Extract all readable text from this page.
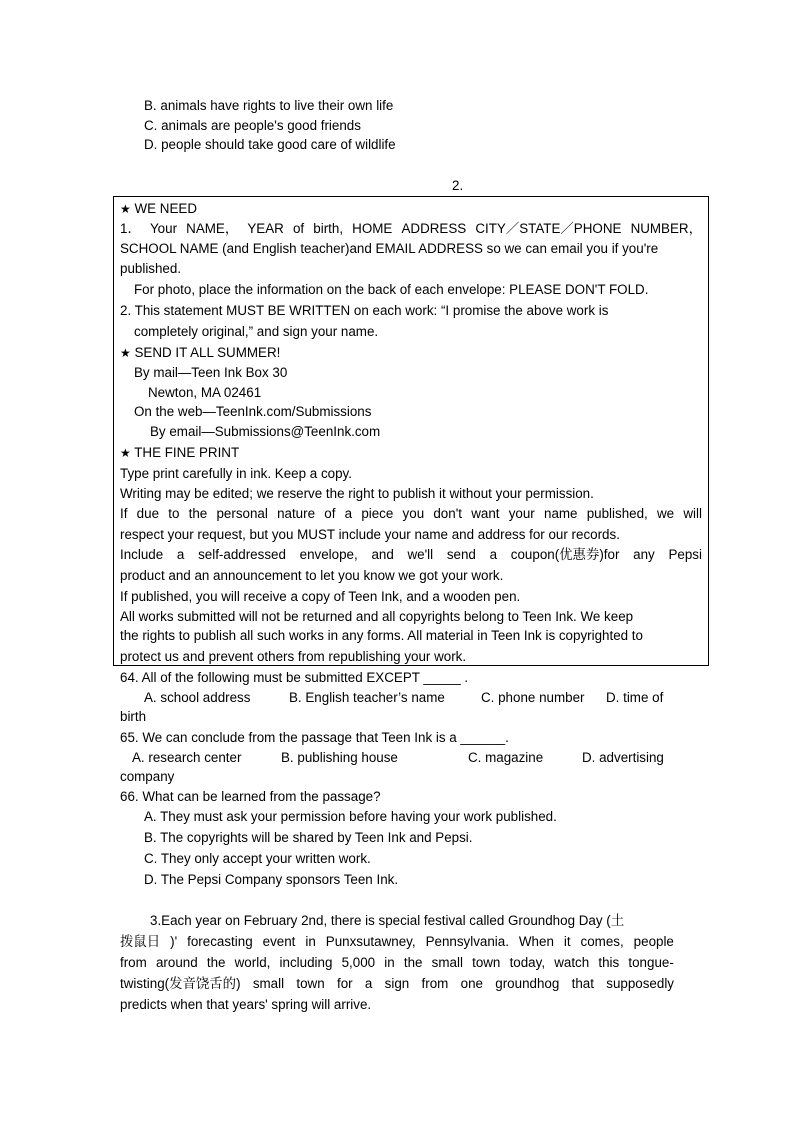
B. animals have rights to live their own life
C. animals are people's good friends
D. people should take good care of wildlife
2.
★ WE NEED
1． Your NAME， YEAR of birth, HOME ADDRESS CITY／STATE／PHONE NUMBER，
SCHOOL NAME (and English teacher)and EMAIL ADDRESS so we can email you if you're
published.
For photo, place the information on the back of each envelope: PLEASE DON'T FOLD.
2. This statement MUST BE WRITTEN on each work: “I promise the above work is
completely original,” and sign your name.
★ SEND IT ALL SUMMER!
By mail—Teen Ink Box 30
Newton, MA 02461
On the web—TeenInk.com/Submissions
By email—Submissions@TeenInk.com
★ THE FINE PRINT
Type print carefully in ink. Keep a copy.
Writing may be edited; we reserve the right to publish it without your permission.
If due to the personal nature of a piece you don't want your name published, we will
respect your request, but you MUST include your name and address for our records.
Include a self-addressed envelope, and we'll send a coupon(优惠券)for any Pepsi
product and an announcement to let you know we got your work.
If published, you will receive a copy of Teen Ink, and a wooden pen.
All works submitted will not be returned and all copyrights belong to Teen Ink. We keep
the rights to publish all such works in any forms. All material in Teen Ink is copyrighted to
protect us and prevent others from republishing your work.
64. All of the following must be submitted EXCEPT _____ .
A. school address	B. English teacher’s name	C. phone number D. time of
birth
65. We can conclude from the passage that Teen Ink is a ______.
A. research center	B. publishing house	C. magazine	D. advertising
company
66. What can be learned from the passage?
A. They must ask your permission before having your work published.
B. The copyrights will be shared by Teen Ink and Pepsi.
C. They only accept your written work.
D. The Pepsi Company sponsors Teen Ink.
3.Each year on February 2nd, there is special festival called Groundhog Day (土
拨鼠日 )' forecasting event in Punxsutawney, Pennsylvania. When it comes, people
from around the world, including 5,000 in the small town today, watch this tongue-
twisting(发音饶舌的) small town for a sign from one groundhog that supposedly
predicts when that years' spring will arrive.
